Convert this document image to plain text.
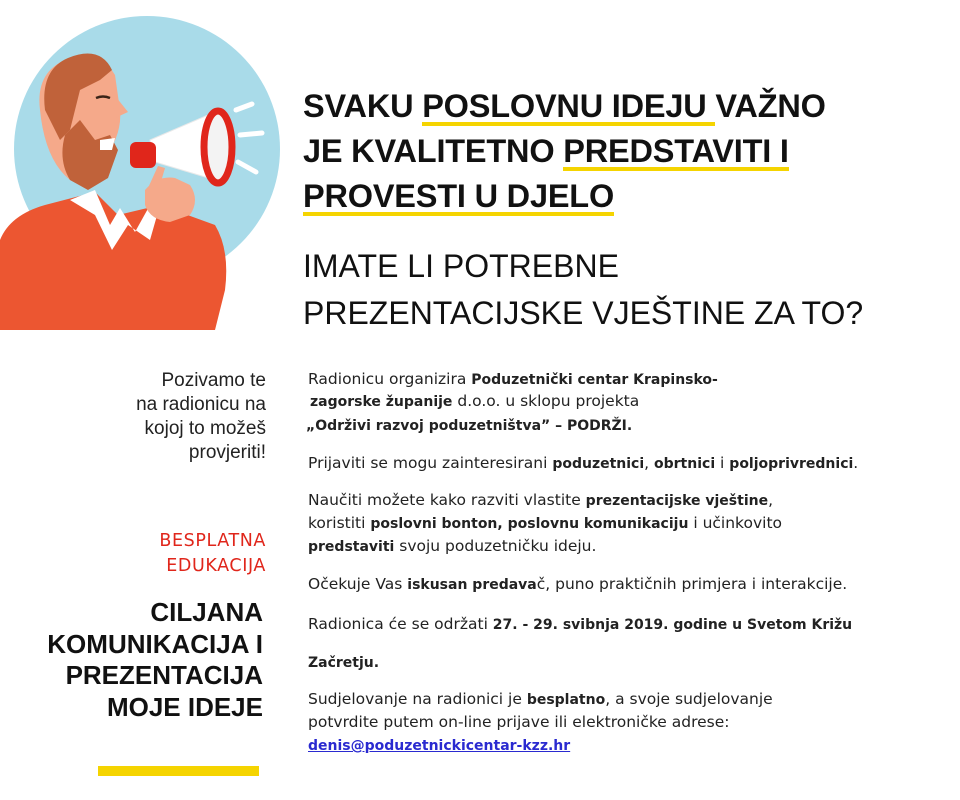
SVAKU POSLOVNU IDEJU VAŽNO
JE KVALITETNO PREDSTAVITI I
PROVESTI U DJELO
IMATE LI POTREBNE
PREZENTACIJSKE VJEŠTINE ZA TO?
Pozivamo te
na radionicu na
kojoj to možeš
provjeriti!
BESPLATNA
EDUKACIJA
CILJANA
KOMUNIKACIJA I
PREZENTACIJA
MOJE IDEJE

Radionicu organizira Poduzetnički centar Krapinsko-

zagorske županije d.o.o. u sklopu projekta

„Održivi razvoj poduzetništva” – PODRŽI.

Prijaviti se mogu zainteresirani poduzetnici, obrtnici i poljoprivrednici.

Naučiti možete kako razviti vlastite prezentacijske vještine,

koristiti poslovni bonton, poslovnu komunikaciju i učinkovito

predstaviti svoju poduzetničku ideju.

Očekuje Vas iskusan predavač, puno praktičnih primjera i interakcije.

Radionica će se održati 27. - 29. svibnja 2019. godine u Svetom Križu

Začretju.

Sudjelovanje na radionici je besplatno, a svoje sudjelovanje

potvrdite putem on-line prijave ili elektroničke adrese:

denis@poduzetnickicentar-kzz.hr
